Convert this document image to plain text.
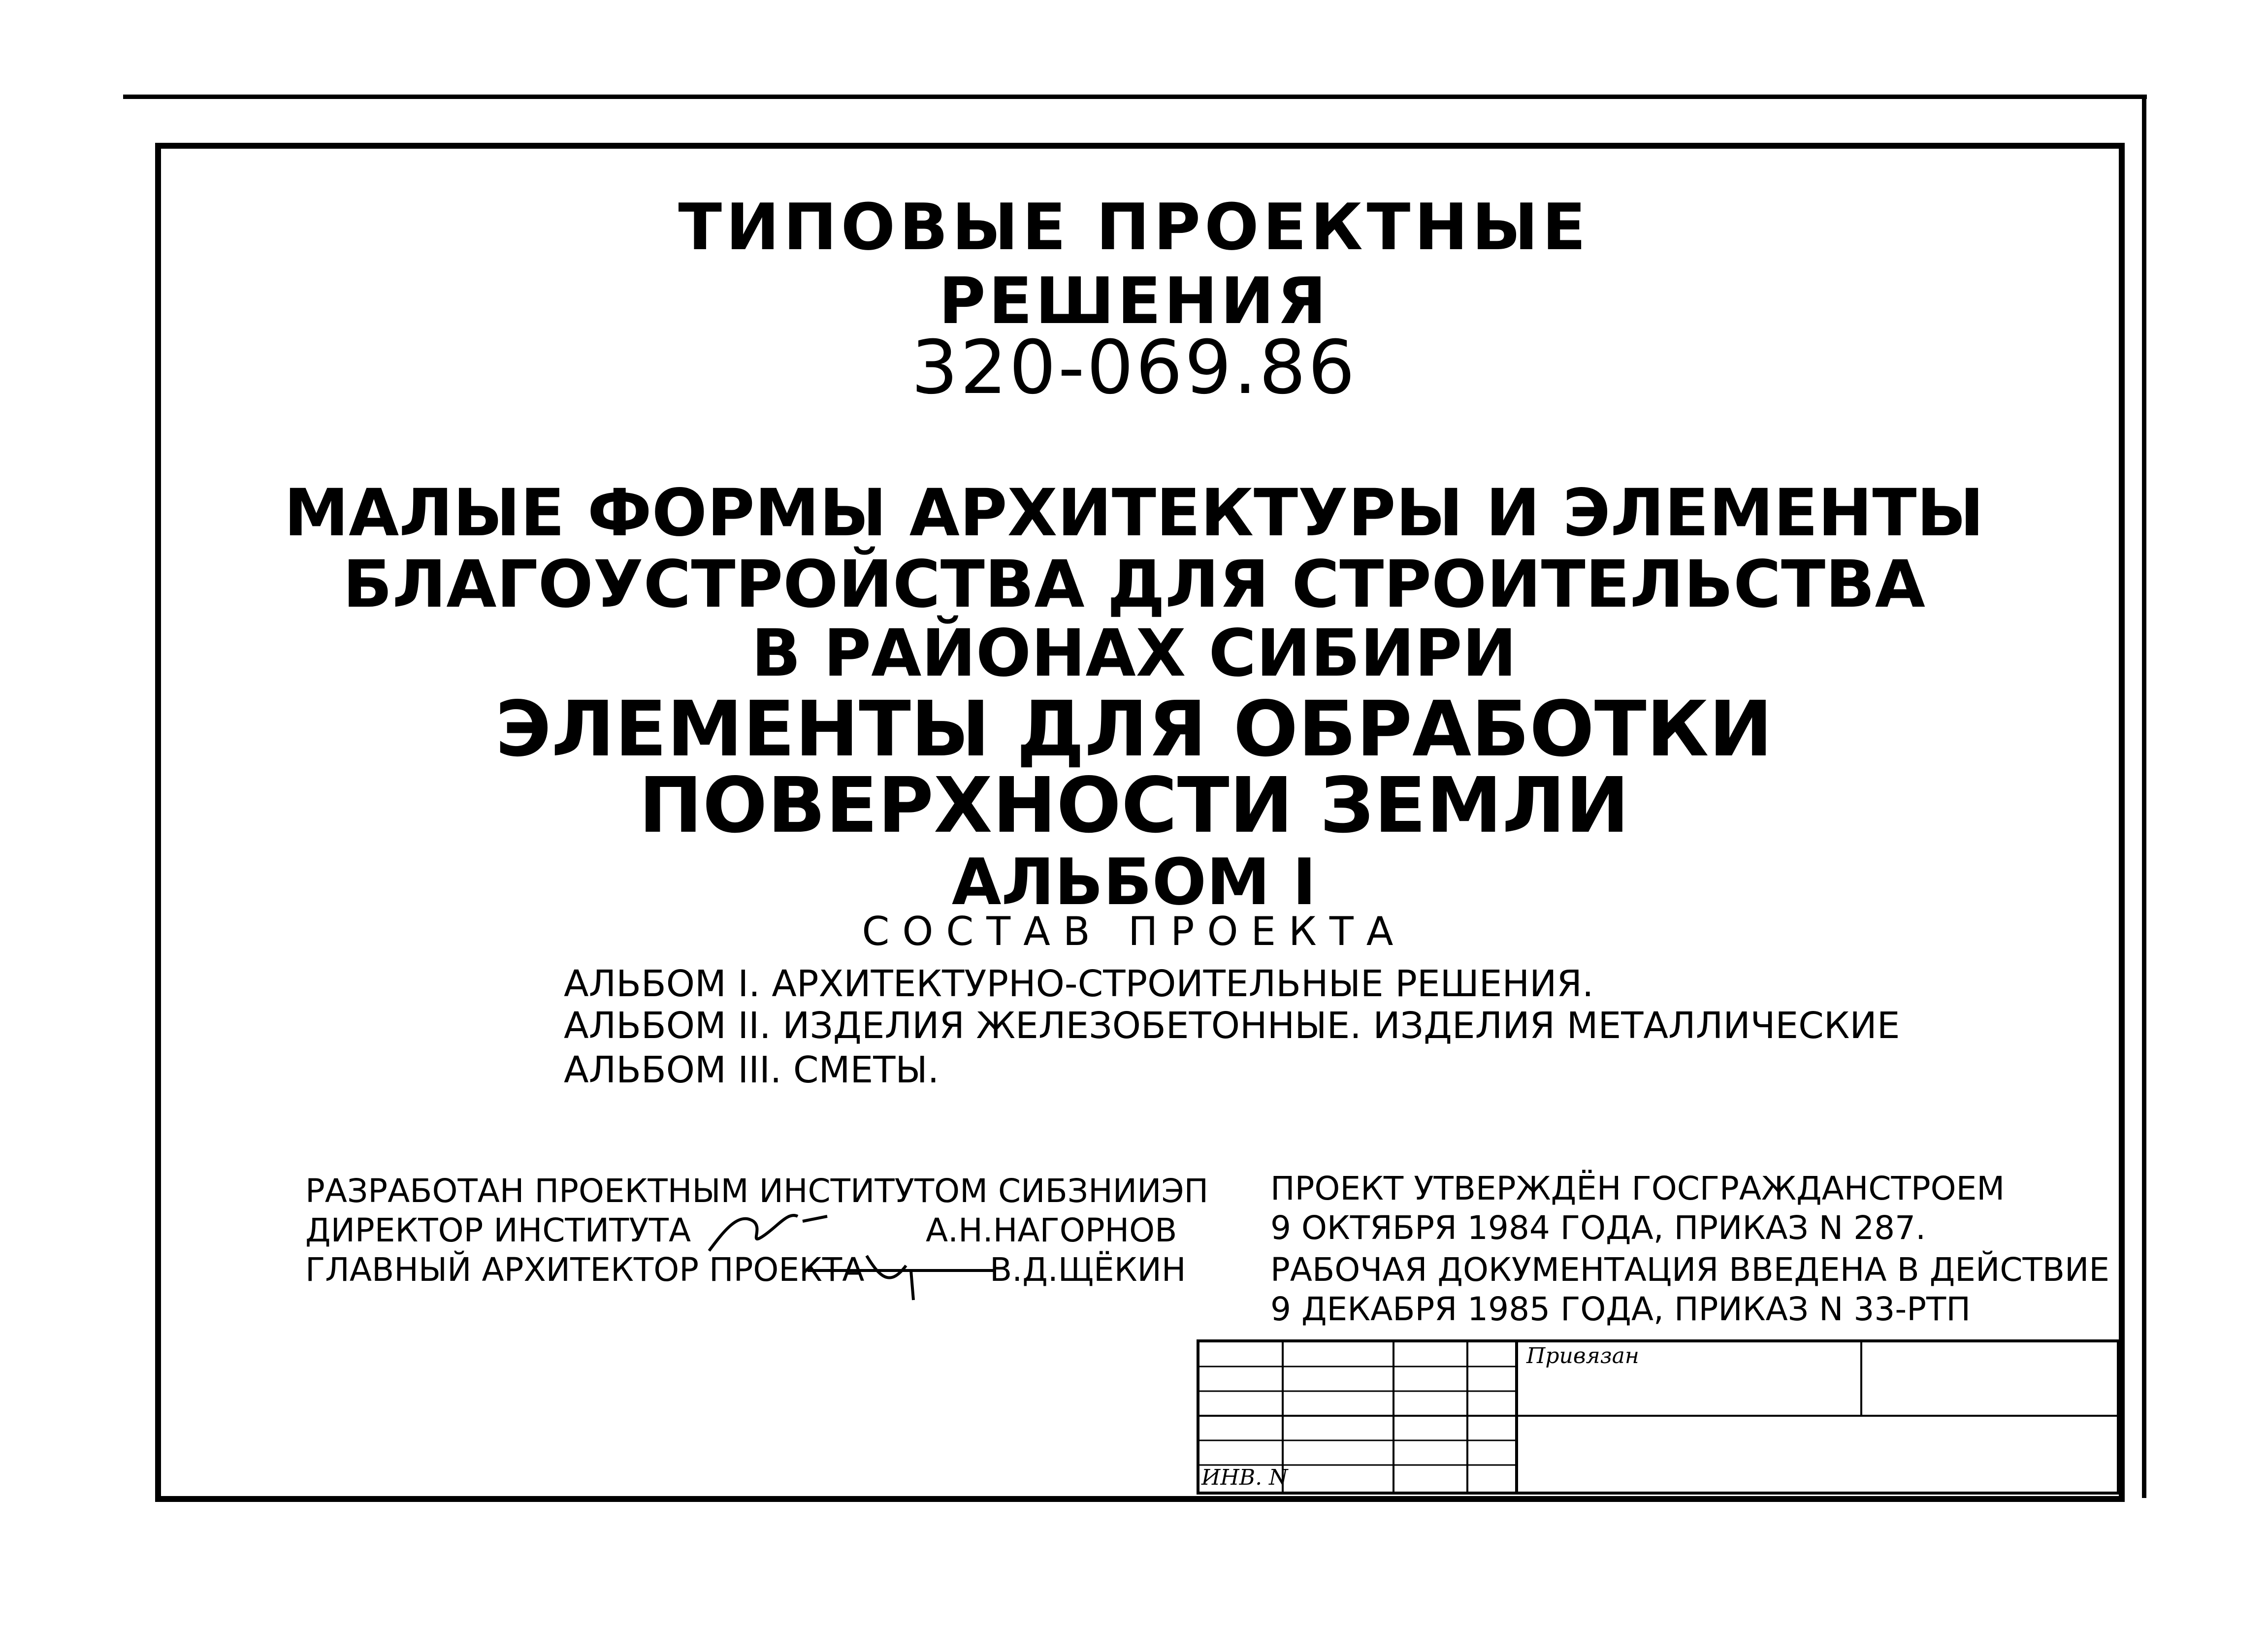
ТИПОВЫЕ ПРОЕКТНЫЕ
РЕШЕНИЯ
320-069.86
МАЛЫЕ ФОРМЫ АРХИТЕКТУРЫ И ЭЛЕМЕНТЫ
БЛАГОУСТРОЙСТВА ДЛЯ СТРОИТЕЛЬСТВА
В РАЙОНАХ СИБИРИ
ЭЛЕМЕНТЫ ДЛЯ ОБРАБОТКИ
ПОВЕРХНОСТИ ЗЕМЛИ
АЛЬБОМ I
СОСТАВ ПРОЕКТА
АЛЬБОМ I. АРХИТЕКТУРНО-СТРОИТЕЛЬНЫЕ РЕШЕНИЯ.
АЛЬБОМ II. ИЗДЕЛИЯ ЖЕЛЕЗОБЕТОННЫЕ. ИЗДЕЛИЯ МЕТАЛЛИЧЕСКИЕ
АЛЬБОМ III. СМЕТЫ.
РАЗРАБОТАН ПРОЕКТНЫМ ИНСТИТУТОМ СИБЗНИИЭП
ДИРЕКТОР ИНСТИТУТА
ГЛАВНЫЙ АРХИТЕКТОР ПРОЕКТА
А.Н.НАГОРНОВ
В.Д.ЩЁКИН
ПРОЕКТ УТВЕРЖДЁН ГОСГРАЖДАНСТРОЕМ
9 ОКТЯБРЯ 1984 ГОДА, ПРИКАЗ N 287.
РАБОЧАЯ ДОКУМЕНТАЦИЯ ВВЕДЕНА В ДЕЙСТВИЕ
9 ДЕКАБРЯ 1985 ГОДА, ПРИКАЗ N 33-РТП
Привязан
ИНВ. N
